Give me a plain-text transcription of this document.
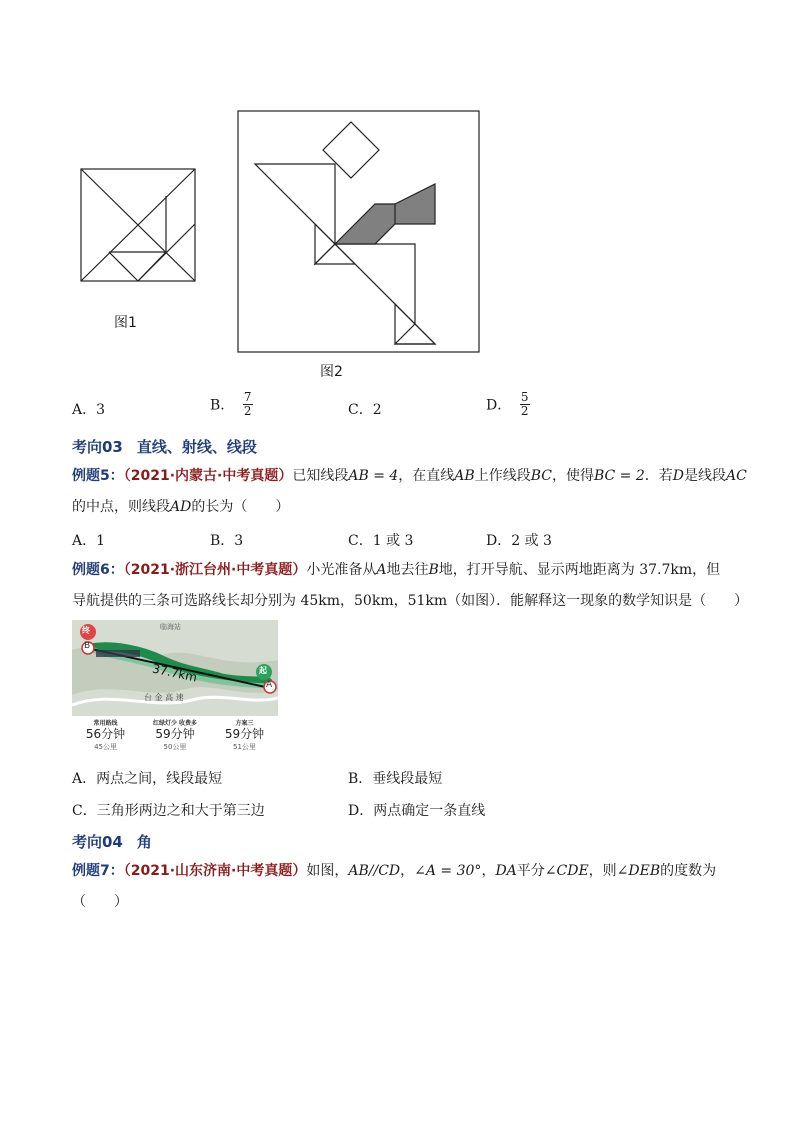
图1
图2
A．3	B． $\frac{7}{2}$	C．2	D． $\frac{5}{2}$
考向03 直线、射线、线段
例题5：（2021·内蒙古·中考真题）已知线段AB = 4，在直线AB上作线段BC，使得BC = 2．若D是线段AC
的中点，则线段AD的长为（　　）
A．1	B．3	C．1 或 3	D．2 或 3
例题6：（2021·浙江台州·中考真题）小光准备从A地去往B地，打开导航、显示两地距离为 37.7km，但
导航提供的三条可选路线长却分别为 45km，50km，51km（如图）．能解释这一现象的数学知识是（　　）
终
起
B
A
37.7km
临海站
台 金 高 速
常用路线
56分钟
45公里
红绿灯少 收费多
59分钟
50公里
方案三
59分钟
51公里
A．两点之间，线段最短	B．垂线段最短
C．三角形两边之和大于第三边	D．两点确定一条直线
考向04 角
例题7：（2021·山东济南·中考真题）如图，AB//CD，∠A = 30°，DA平分∠CDE，则∠DEB的度数为
（　　）
